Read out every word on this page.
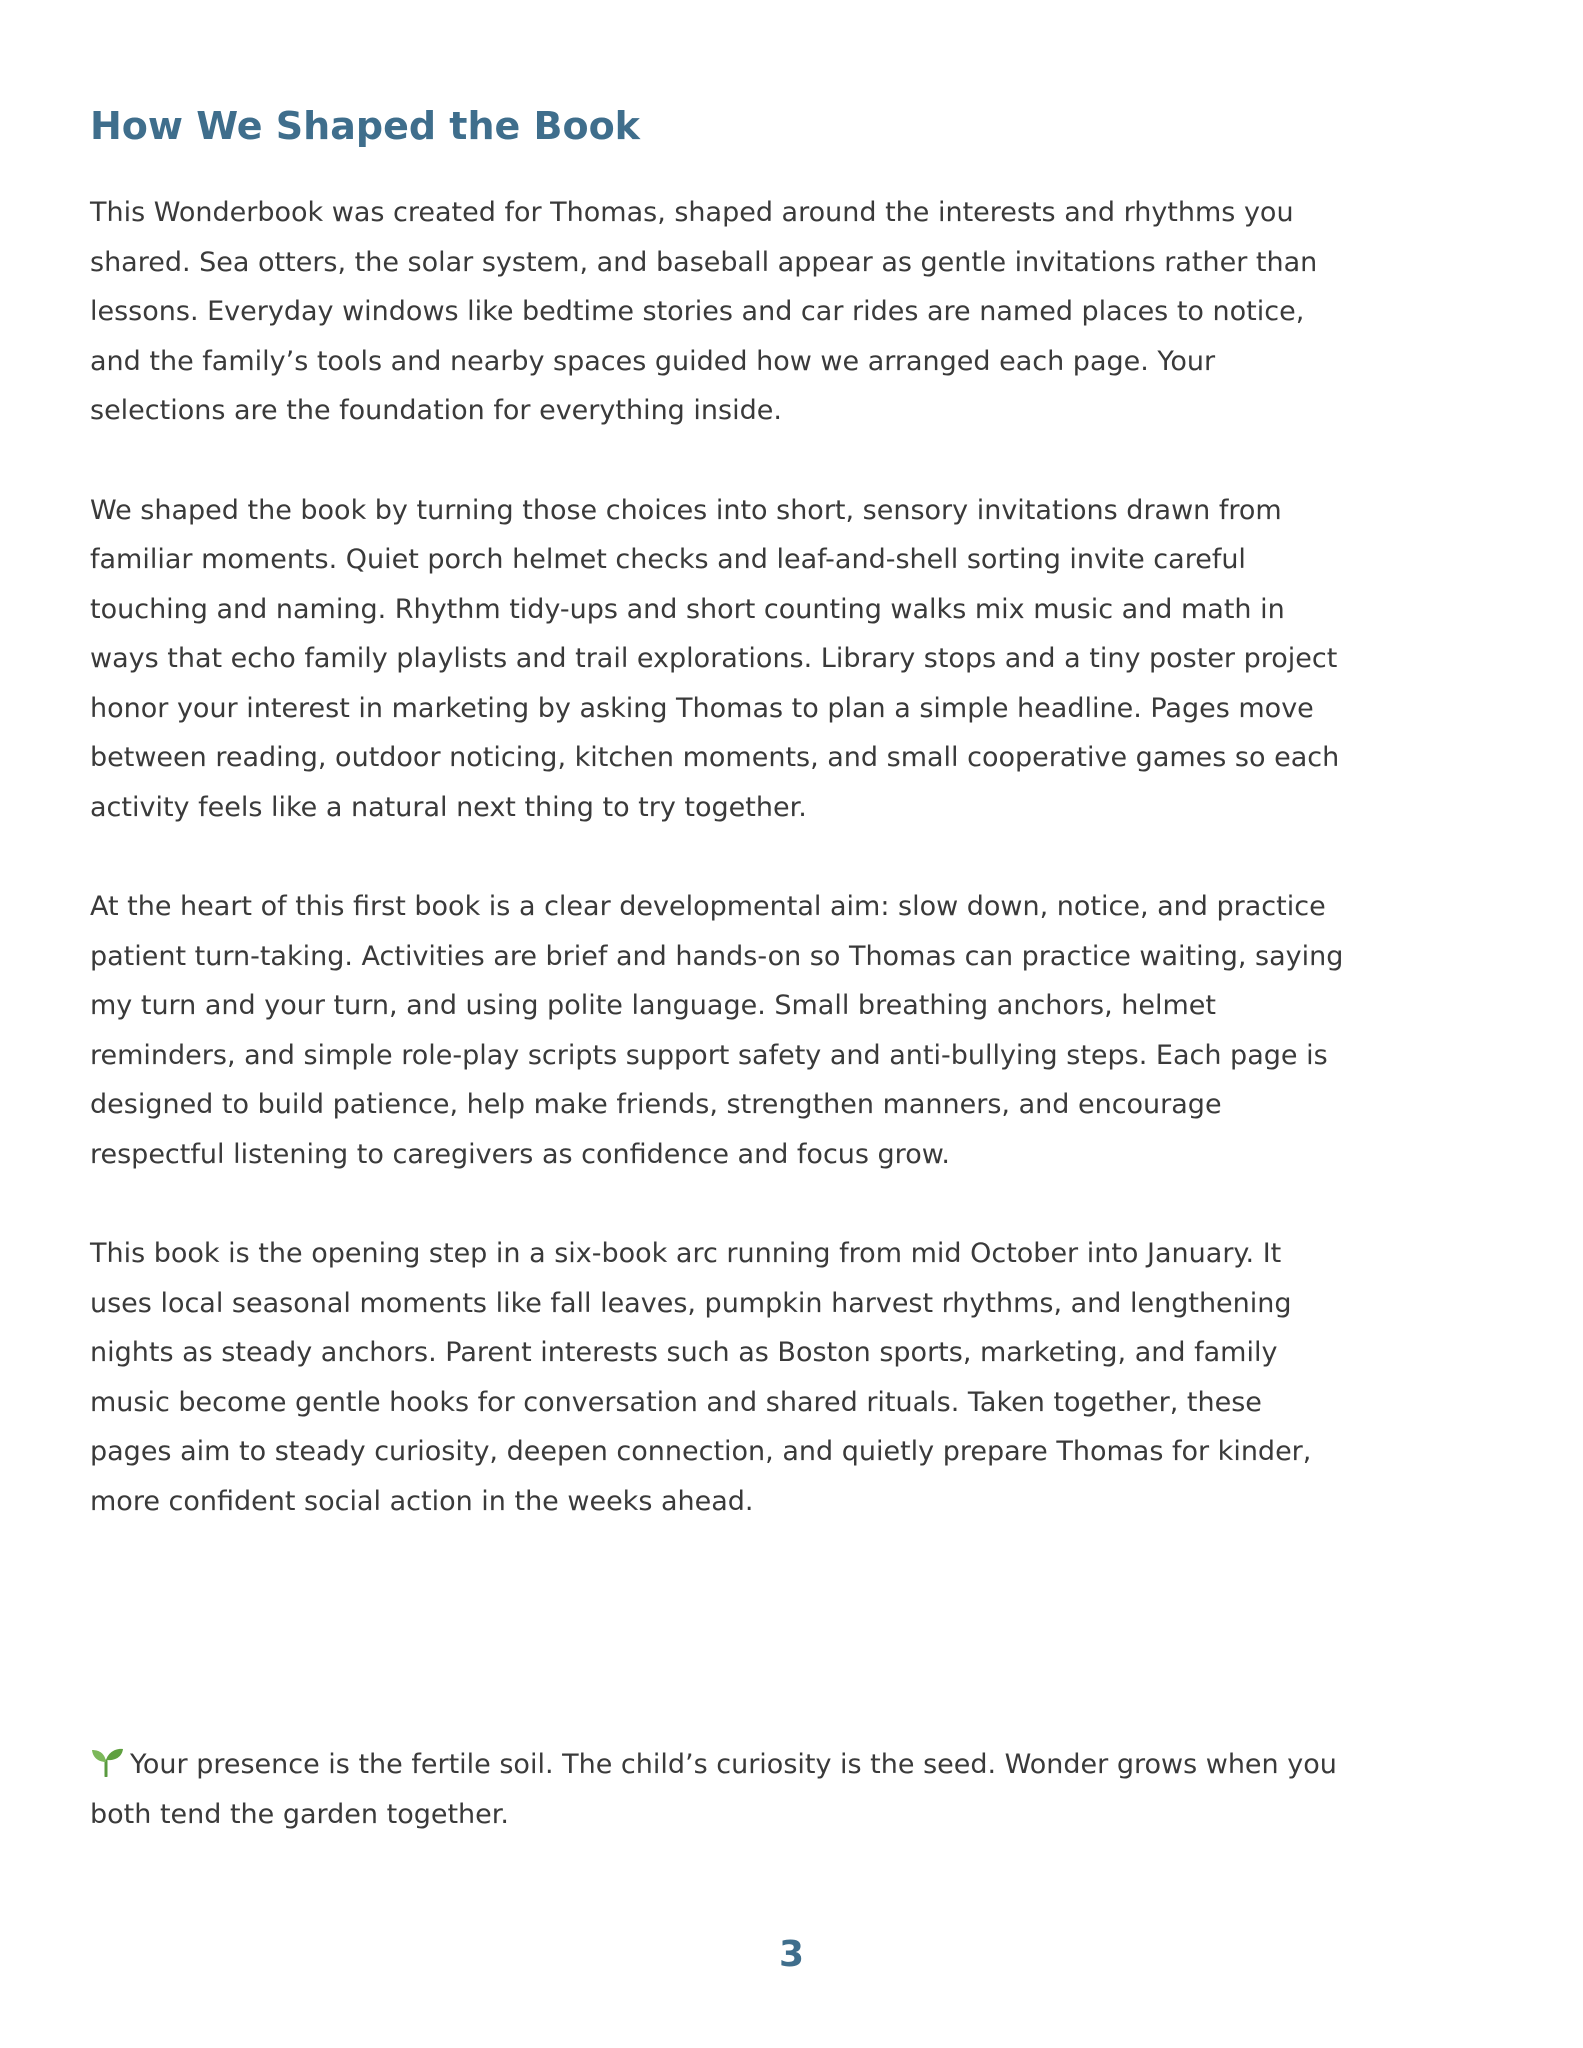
How We Shaped the Book

This Wonderbook was created for Thomas, shaped around the interests and rhythms you shared. Sea otters, the solar system, and baseball appear as gentle invitations rather than lessons. Everyday windows like bedtime stories and car rides are named places to notice, and the family’s tools and nearby spaces guided how we arranged each page. Your selections are the foundation for everything inside.

We shaped the book by turning those choices into short, sensory invitations drawn from familiar moments. Quiet porch helmet checks and leaf-and-shell sorting invite careful touching and naming. Rhythm tidy-ups and short counting walks mix music and math in ways that echo family playlists and trail explorations. Library stops and a tiny poster project honor your interest in marketing by asking Thomas to plan a simple headline. Pages move between reading, outdoor noticing, kitchen moments, and small cooperative games so each activity feels like a natural next thing to try together.

At the heart of this first book is a clear developmental aim: slow down, notice, and practice patient turn-taking. Activities are brief and hands-on so Thomas can practice waiting, saying my turn and your turn, and using polite language. Small breathing anchors, helmet reminders, and simple role-play scripts support safety and anti-bullying steps. Each page is designed to build patience, help make friends, strengthen manners, and encourage respectful listening to caregivers as confidence and focus grow.

This book is the opening step in a six-book arc running from mid October into January. It uses local seasonal moments like fall leaves, pumpkin harvest rhythms, and lengthening nights as steady anchors. Parent interests such as Boston sports, marketing, and family music become gentle hooks for conversation and shared rituals. Taken together, these pages aim to steady curiosity, deepen connection, and quietly prepare Thomas for kinder, more confident social action in the weeks ahead.

Your presence is the fertile soil. The child’s curiosity is the seed. Wonder grows when you both tend the garden together.

3
